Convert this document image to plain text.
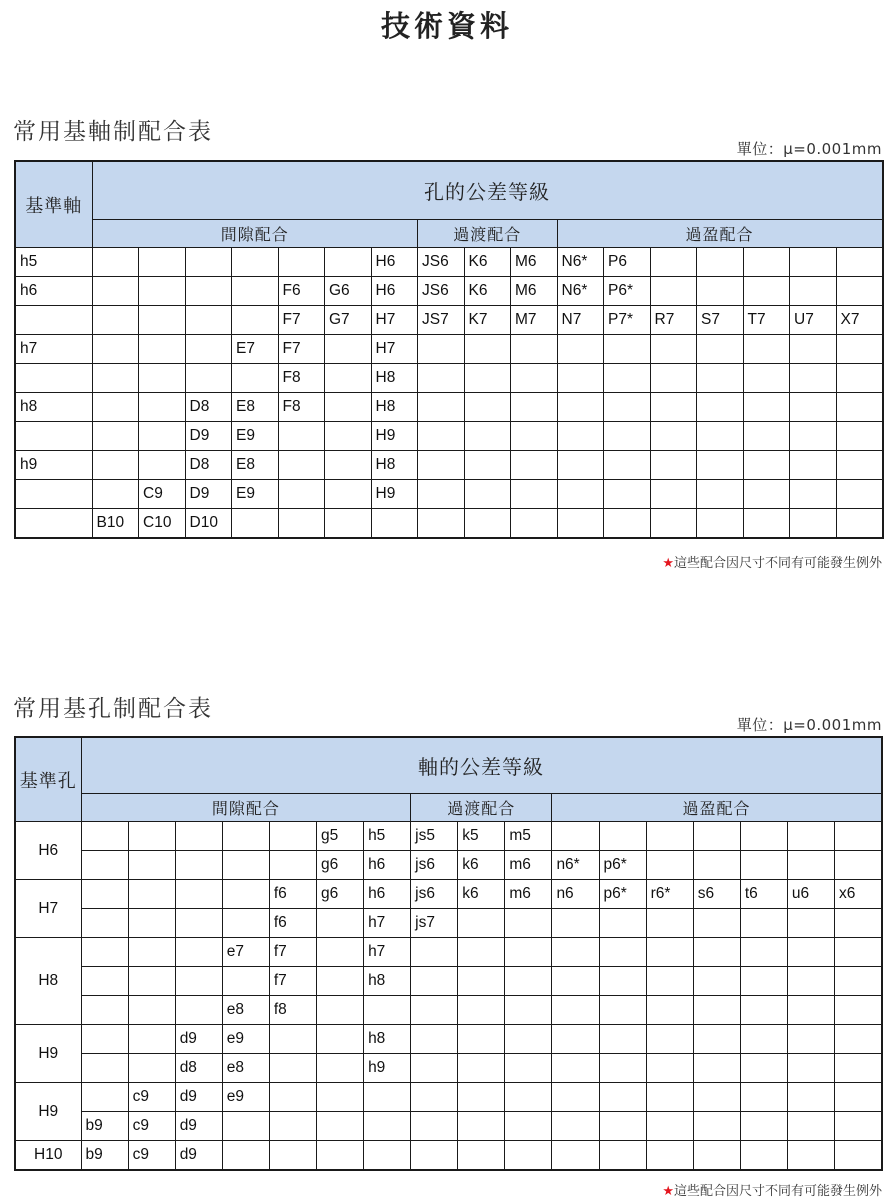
技術資料
常用基軸制配合表
單位：μ=0.001mm
基準軸	孔的公差等級																
	間隙配合							過渡配合			過盈配合						
h5							H6	JS6	K6	M6	N6*	P6					
h6					F6	G6	H6	JS6	K6	M6	N6*	P6*					
					F7	G7	H7	JS7	K7	M7	N7	P7*	R7	S7	T7	U7	X7
h7				E7	F7		H7										
					F8		H8										
h8			D8	E8	F8		H8										
			D9	E9			H9										
h9			D8	E8			H8										
		C9	D9	E9			H9										
	B10	C10	D10														
★這些配合因尺寸不同有可能發生例外
常用基孔制配合表
單位：μ=0.001mm
基準孔	軸的公差等級																
	間隙配合							過渡配合			過盈配合						
H6						g5	h5	js5	k5	m5							
						g6	h6	js6	k6	m6	n6*	p6*					
H7					f6	g6	h6	js6	k6	m6	n6	p6*	r6*	s6	t6	u6	x6
					f6		h7	js7									
H8				e7	f7		h7										
					f7		h8										
				e8	f8												
H9			d9	e9			h8										
			d8	e8			h9										
H9		c9	d9	e9													
	b9	c9	d9														
H10	b9	c9	d9														
★這些配合因尺寸不同有可能發生例外
